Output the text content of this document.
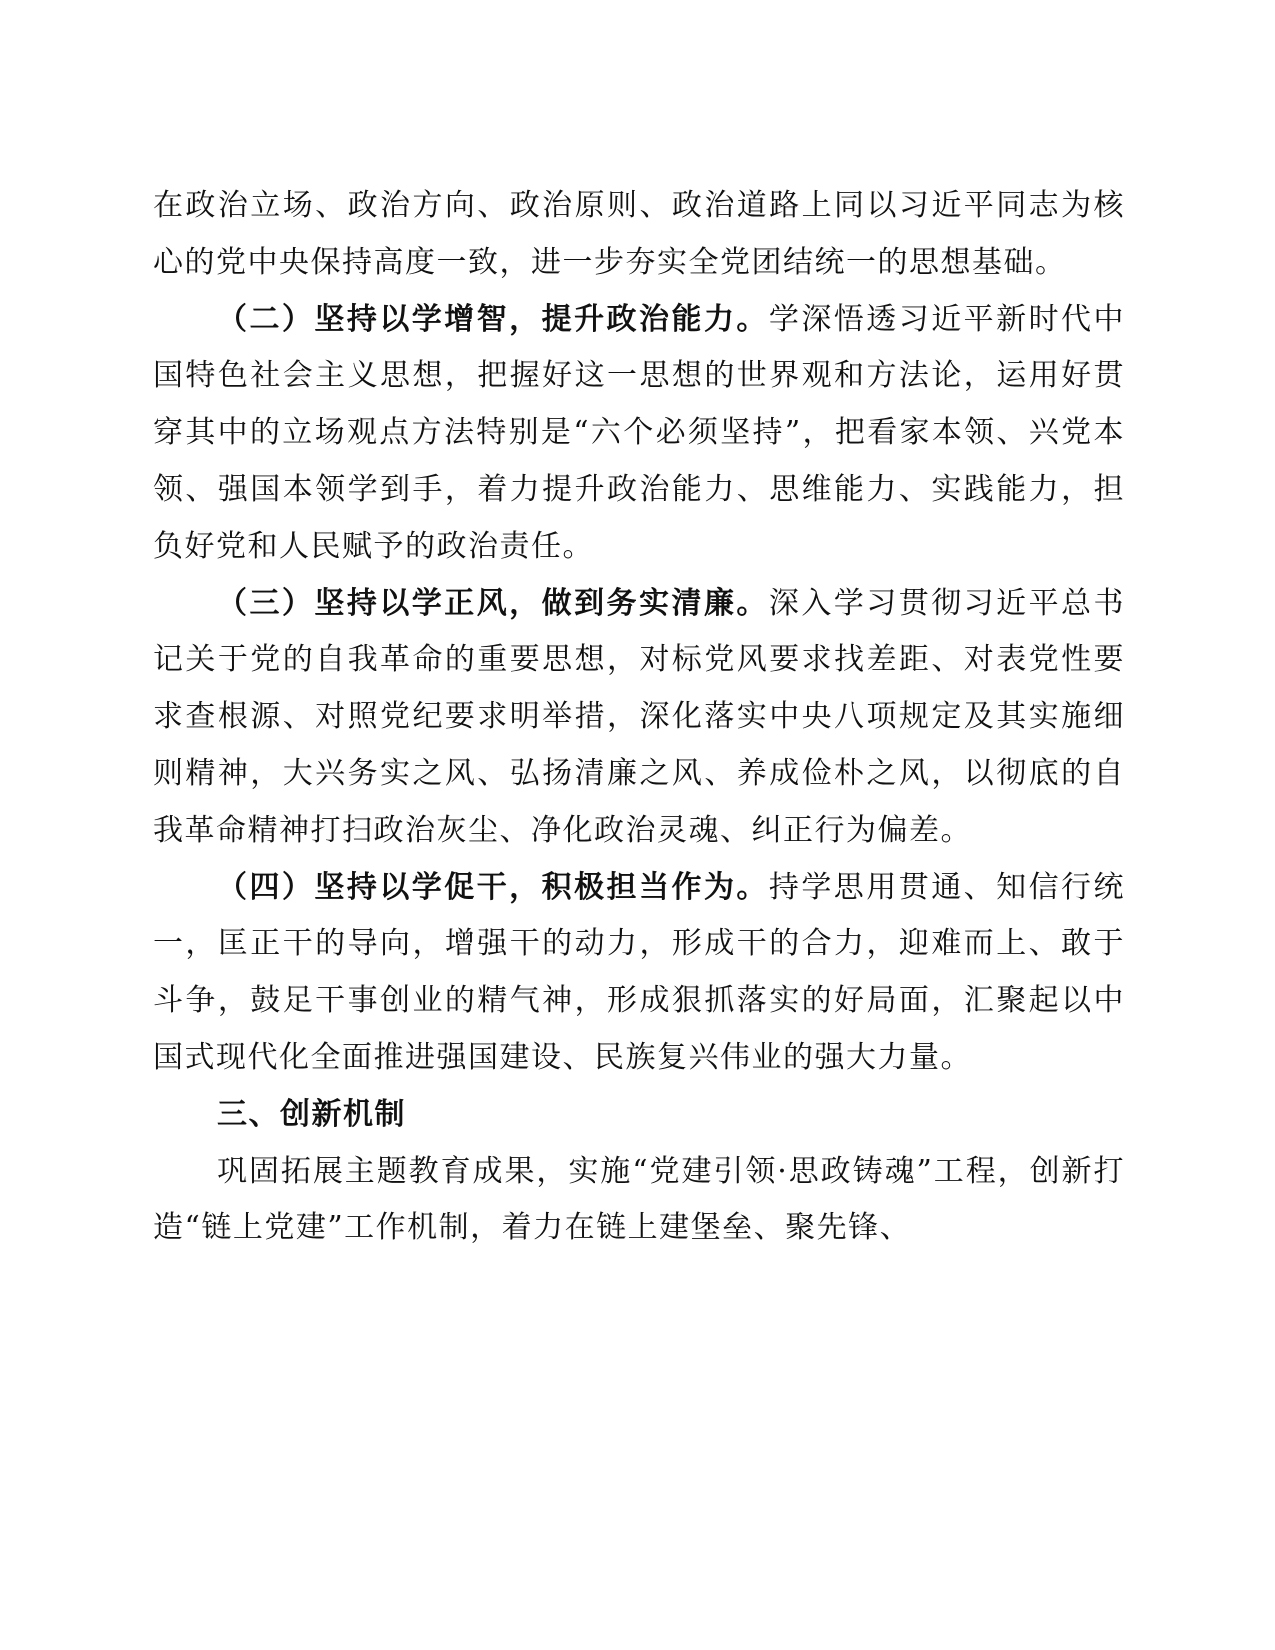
在政治立场、政治方向、政治原则、政治道路上同以习近平同志为核心的党中央保持高度一致，进一步夯实全党团结统一的思想基础。

（二）坚持以学增智，提升政治能力。学深悟透习近平新时代中国特色社会主义思想，把握好这一思想的世界观和方法论，运用好贯穿其中的立场观点方法特别是“六个必须坚持”，把看家本领、兴党本领、强国本领学到手，着力提升政治能力、思维能力、实践能力，担负好党和人民赋予的政治责任。

（三）坚持以学正风，做到务实清廉。深入学习贯彻习近平总书记关于党的自我革命的重要思想，对标党风要求找差距、对表党性要求查根源、对照党纪要求明举措，深化落实中央八项规定及其实施细则精神，大兴务实之风、弘扬清廉之风、养成俭朴之风，以彻底的自我革命精神打扫政治灰尘、净化政治灵魂、纠正行为偏差。

（四）坚持以学促干，积极担当作为。持学思用贯通、知信行统一，匡正干的导向，增强干的动力，形成干的合力，迎难而上、敢于斗争，鼓足干事创业的精气神，形成狠抓落实的好局面，汇聚起以中国式现代化全面推进强国建设、民族复兴伟业的强大力量。

三、创新机制

巩固拓展主题教育成果，实施“党建引领·思政铸魂”工程，创新打造“链上党建”工作机制，着力在链上建堡垒、聚先锋、
